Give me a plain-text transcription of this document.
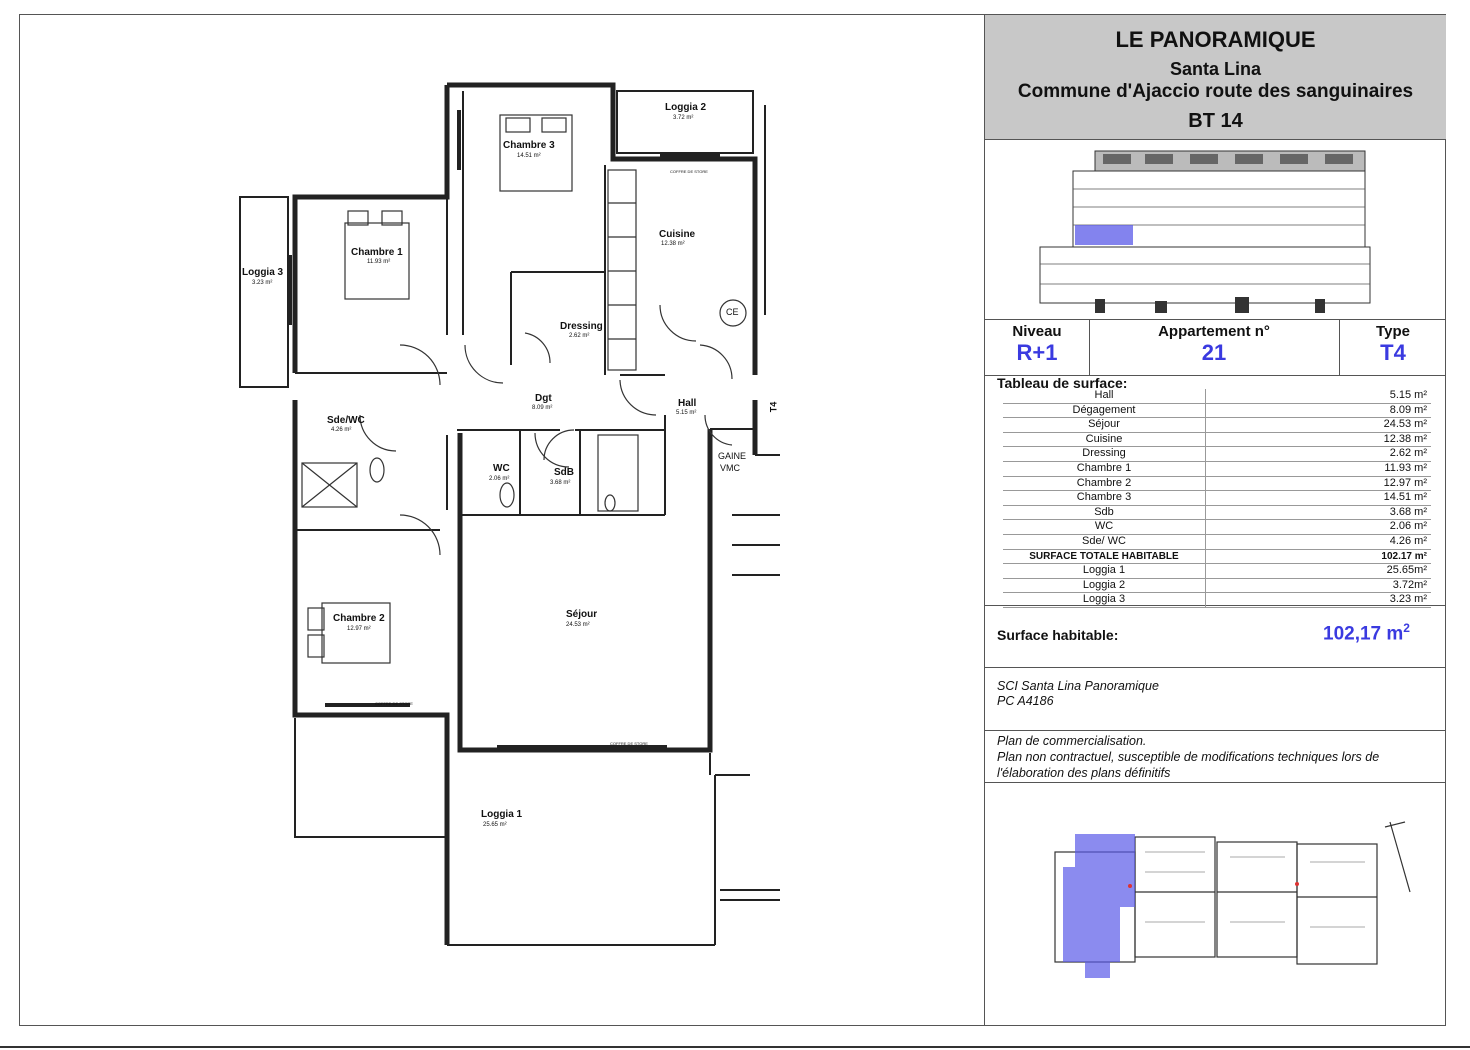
Chambre 3
14.51 m²
Loggia 2
3.72 m²
Chambre 1
11.93 m²
Loggia 3
3.23 m²
Cuisine
12.38 m²
Dressing
2.62 m²
Dgt
8.09 m²	Hall
5.15 m²
Sde/WC
4.26 m²
WC
2.06 m²
SdB
3.68 m²
Chambre 2
12.97 m²
Séjour
24.53 m²
Loggia 1
25.65 m²
CE
GAINE
VMC
T4
COFFRE DE STORE
COFFRE DE STORE
COFFRE DE STORE
LE PANORAMIQUE
Santa Lina
Commune d'Ajaccio route des sanguinaires
BT 14
Niveau
R+1
Appartement n°
21
Type
T4
Tableau de surface:
Hall	5.15 m²
Dégagement	8.09 m²
Séjour	24.53 m²
Cuisine	12.38 m²
Dressing	2.62 m²
Chambre 1	11.93 m²
Chambre 2	12.97 m²
Chambre 3	14.51 m²
Sdb	3.68 m²
WC	2.06 m²
Sde/ WC	4.26 m²
SURFACE TOTALE HABITABLE	102.17 m²
Loggia 1	25.65m²
Loggia 2	3.72m²
Loggia 3	3.23 m²
Surface habitable:	102,17 $m^2$
SCI Santa Lina Panoramique
PC A4186
Plan de commercialisation.
Plan non contractuel, susceptible de modifications techniques lors de
l'élaboration des plans définitifs
